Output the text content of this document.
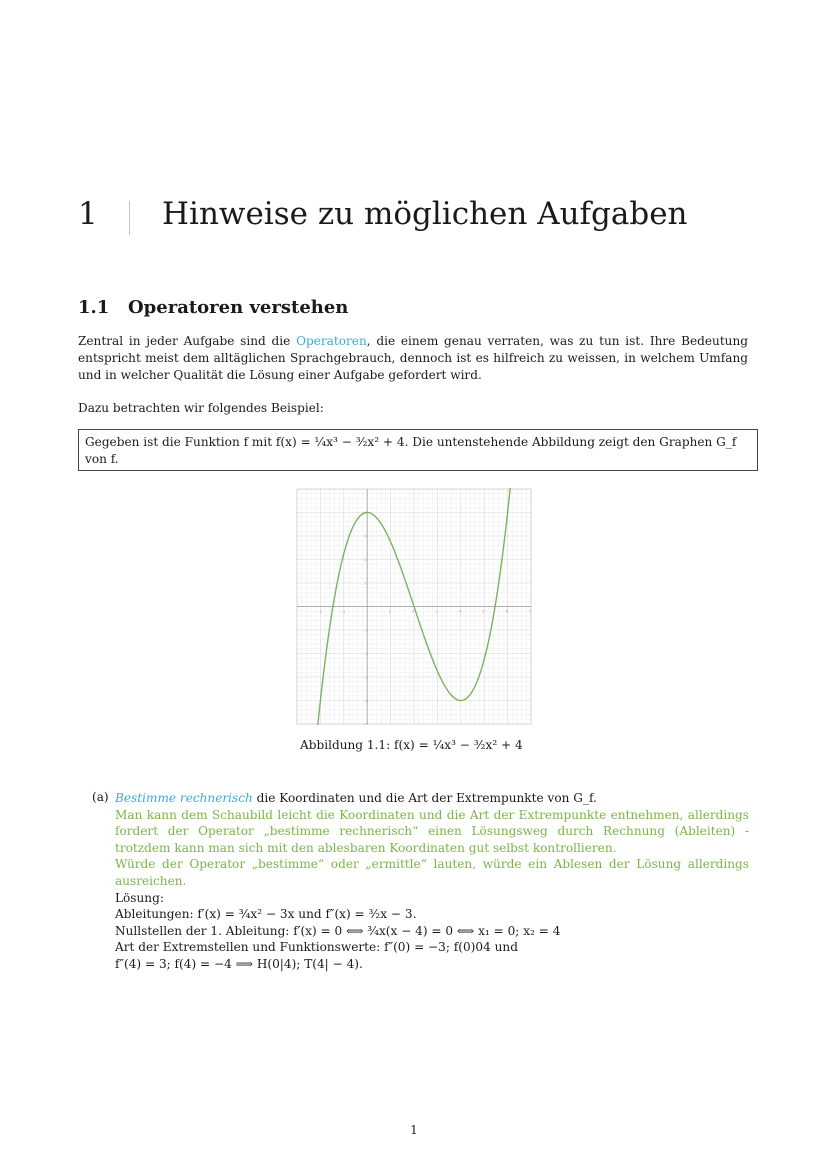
1 Hinweise zu möglichen Aufgaben
1.1 Operatoren verstehen
Zentral in jeder Aufgabe sind die Operatoren, die einem genau verraten, was zu tun ist. Ihre Bedeutung entspricht meist dem alltäglichen Sprachgebrauch, dennoch ist es hilfreich zu weissen, in welchem Umfang und in welcher Qualität die Lösung einer Aufgabe gefordert wird.
Dazu betrachten wir folgendes Beispiel:
Gegeben ist die Funktion f mit f(x) = ¼x³ − ³⁄₂x² + 4. Die untenstehende Abbildung zeigt den Graphen G_f von f.
-2	-1	1	2	3	4	5	6	7
4
3
2
1
-1
-2
-3
-4
-5
Abbildung 1.1: f(x) = ¼x³ − ³⁄₂x² + 4
(a) Bestimme rechnerisch die Koordinaten und die Art der Extrempunkte von G_f.
Man kann dem Schaubild leicht die Koordinaten und die Art der Extrempunkte entnehmen, allerdings fordert der Operator „bestimme rechnerisch“ einen Lösungsweg durch Rechnung (Ableiten) - trotzdem kann man sich mit den ablesbaren Koordinaten gut selbst kontrollieren.
Würde der Operator „bestimme“ oder „ermittle“ lauten, würde ein Ablesen der Lösung allerdings ausreichen.
Lösung:
Ableitungen: f′(x) = ¾x² − 3x und f″(x) = ³⁄₂x − 3.
Nullstellen der 1. Ableitung: f′(x) = 0 ⟺ ¾x(x − 4) = 0 ⟺ x₁ = 0; x₂ = 4
Art der Extremstellen und Funktionswerte: f″(0) = −3; f(0)04 und
f″(4) = 3; f(4) = −4 ⟹ H(0|4); T(4| − 4).
1
